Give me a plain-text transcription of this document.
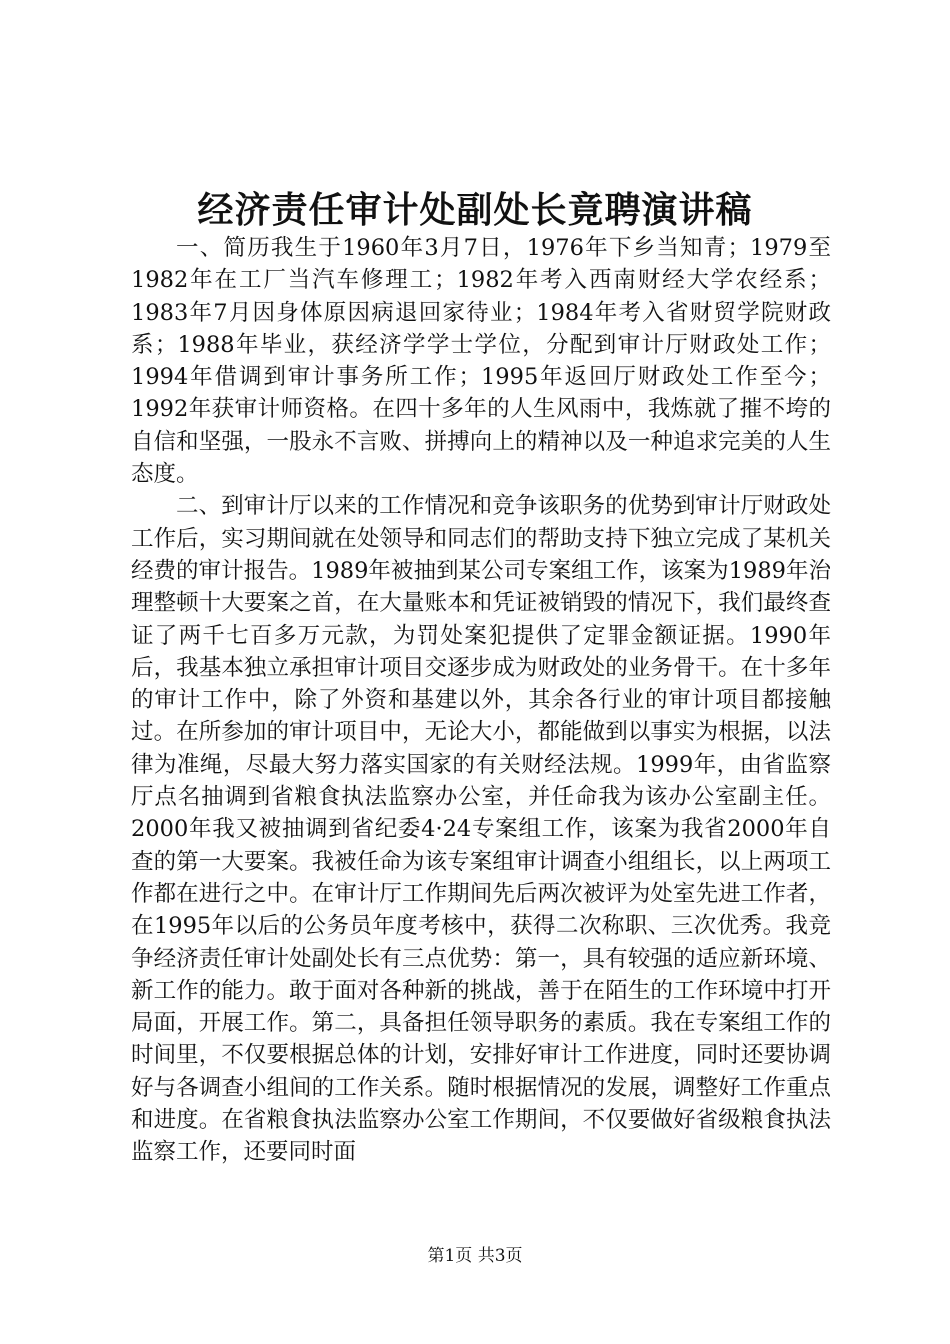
经济责任审计处副处长竟聘演讲稿

一、简历我生于1960年3月7日，1976年下乡当知青；1979至1982年在工厂当汽车修理工；1982年考入西南财经大学农经系；1983年7月因身体原因病退回家待业；1984年考入省财贸学院财政系；1988年毕业，获经济学学士学位，分配到审计厅财政处工作；1994年借调到审计事务所工作；1995年返回厅财政处工作至今；1992年获审计师资格。在四十多年的人生风雨中，我炼就了摧不垮的自信和坚强，一股永不言败、拼搏向上的精神以及一种追求完美的人生态度。

二、到审计厅以来的工作情况和竞争该职务的优势到审计厅财政处工作后，实习期间就在处领导和同志们的帮助支持下独立完成了某机关经费的审计报告。1989年被抽到某公司专案组工作，该案为1989年治理整顿十大要案之首，在大量账本和凭证被销毁的情况下，我们最终查证了两千七百多万元款，为罚处案犯提供了定罪金额证据。1990年后，我基本独立承担审计项目交逐步成为财政处的业务骨干。在十多年的审计工作中，除了外资和基建以外，其余各行业的审计项目都接触过。在所参加的审计项目中，无论大小，都能做到以事实为根据，以法律为准绳，尽最大努力落实国家的有关财经法规。1999年，由省监察厅点名抽调到省粮食执法监察办公室，并任命我为该办公室副主任。2000年我又被抽调到省纪委4·24专案组工作，该案为我省2000年自查的第一大要案。我被任命为该专案组审计调查小组组长，以上两项工作都在进行之中。在审计厅工作期间先后两次被评为处室先进工作者，在1995年以后的公务员年度考核中，获得二次称职、三次优秀。我竞争经济责任审计处副处长有三点优势：第一，具有较强的适应新环境、新工作的能力。敢于面对各种新的挑战，善于在陌生的工作环境中打开局面，开展工作。第二，具备担任领导职务的素质。我在专案组工作的时间里，不仅要根据总体的计划，安排好审计工作进度，同时还要协调好与各调查小组间的工作关系。随时根据情况的发展，调整好工作重点和进度。在省粮食执法监察办公室工作期间，不仅要做好省级粮食执法监察工作，还要同时面

第1页 共3页
